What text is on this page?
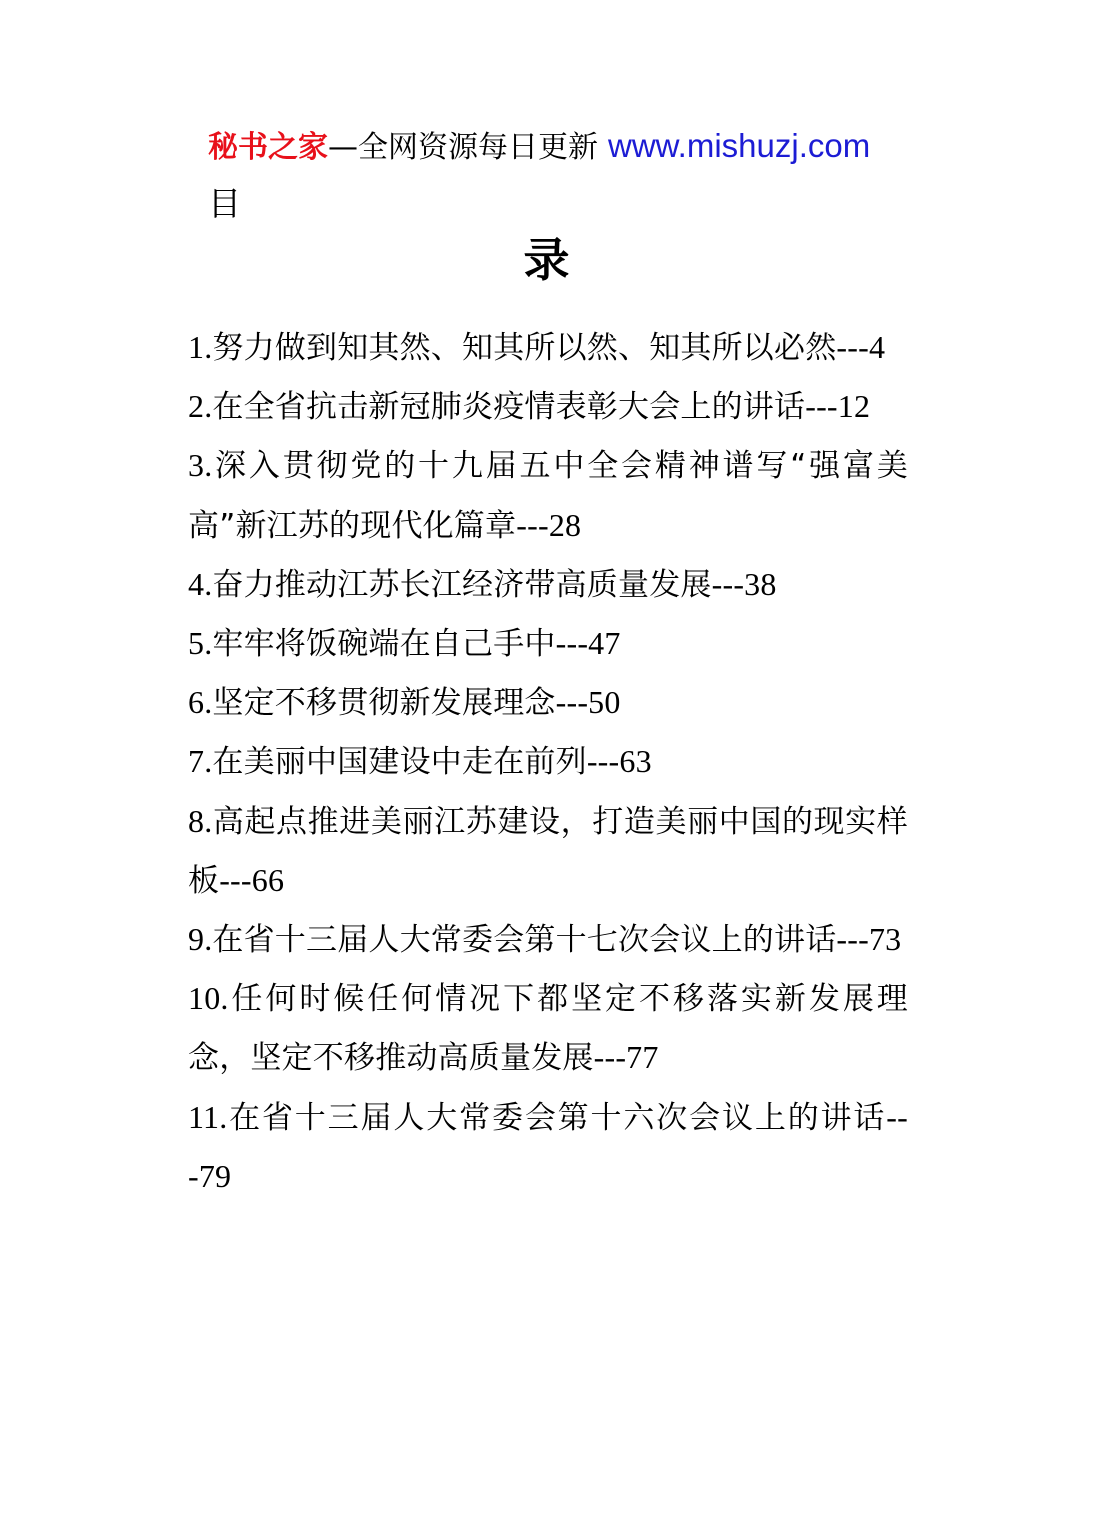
秘书之家—全网资源每日更新 www.mishuzj.com
目
录
1.努力做到知其然、知其所以然、知其所以必然---4
2.在全省抗击新冠肺炎疫情表彰大会上的讲话---12
3.深入贯彻党的十九届五中全会精神谱写“强富美高”新江苏的现代化篇章---28
4.奋力推动江苏长江经济带高质量发展---38
5.牢牢将饭碗端在自己手中---47
6.坚定不移贯彻新发展理念---50
7.在美丽中国建设中走在前列---63
8.高起点推进美丽江苏建设，打造美丽中国的现实样板---66
9.在省十三届人大常委会第十七次会议上的讲话---73
10.任何时候任何情况下都坚定不移落实新发展理念，坚定不移推动高质量发展---77
11.在省十三届人大常委会第十六次会议上的讲话---79
